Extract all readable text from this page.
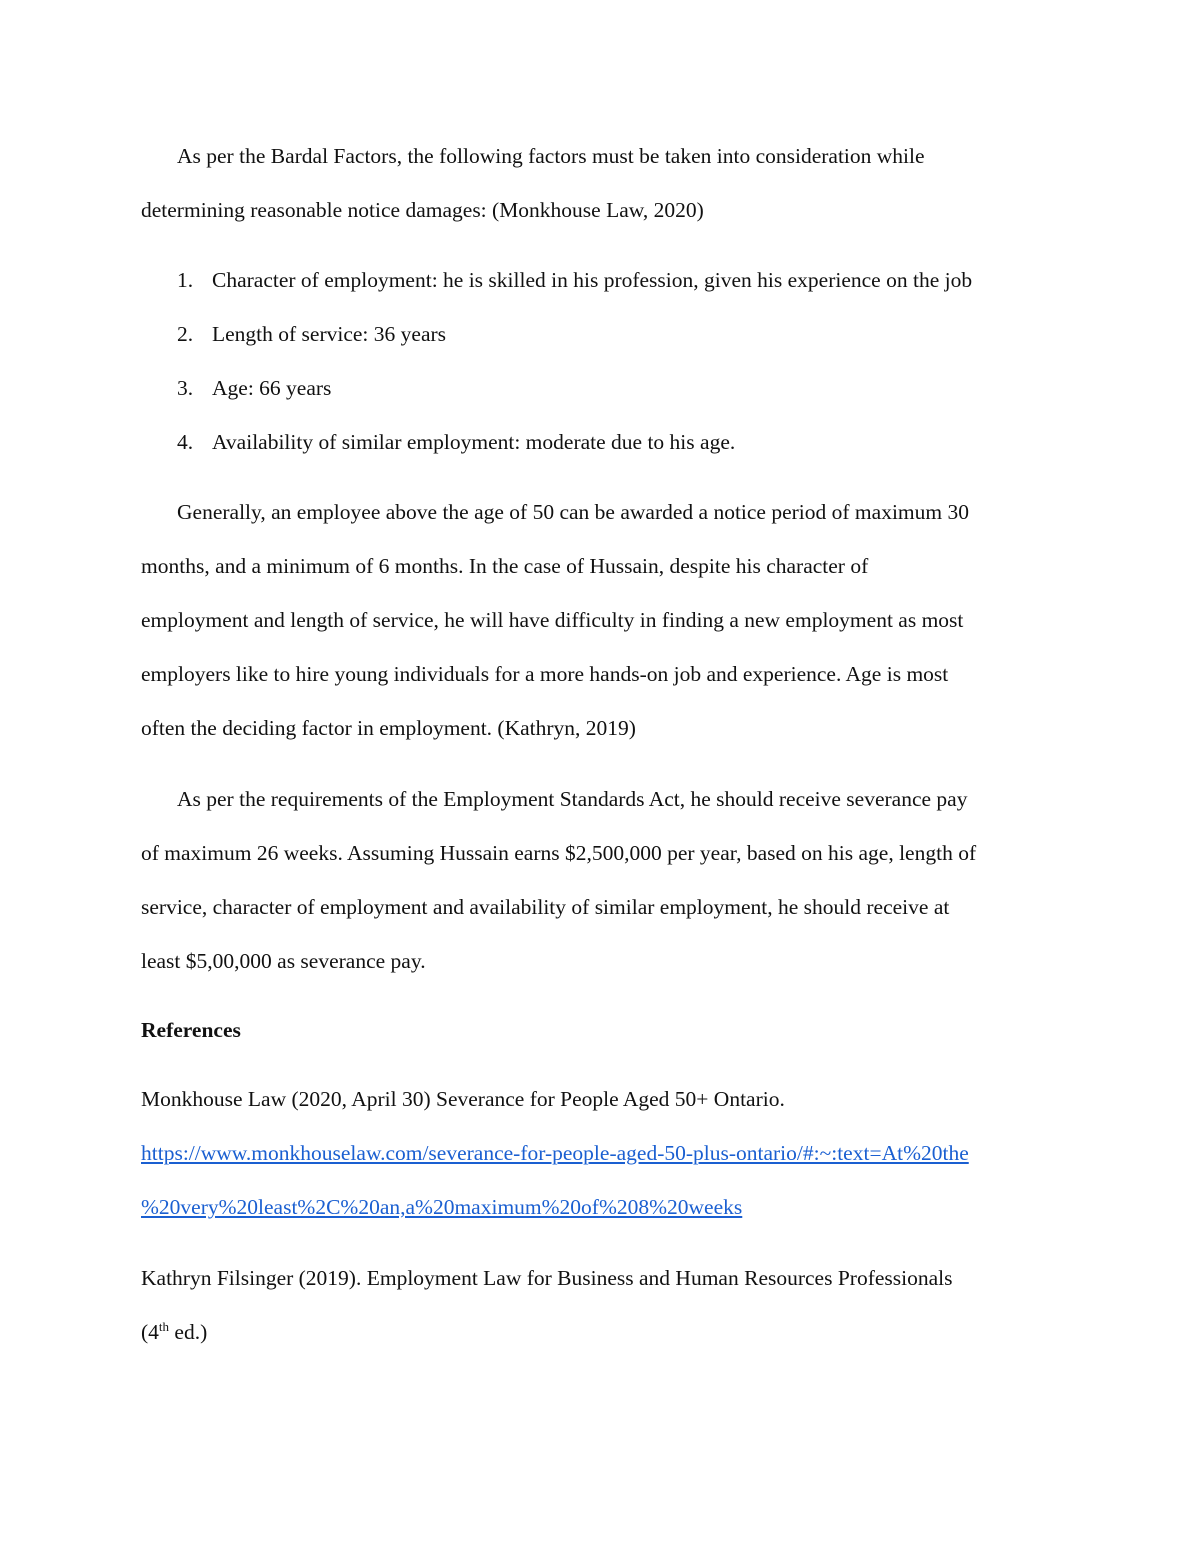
As per the Bardal Factors, the following factors must be taken into consideration while

determining reasonable notice damages: (Monkhouse Law, 2020)

1. Character of employment: he is skilled in his profession, given his experience on the job

2. Length of service: 36 years

3. Age: 66 years

4. Availability of similar employment: moderate due to his age.

Generally, an employee above the age of 50 can be awarded a notice period of maximum 30

months, and a minimum of 6 months. In the case of Hussain, despite his character of

employment and length of service, he will have difficulty in finding a new employment as most

employers like to hire young individuals for a more hands-on job and experience. Age is most

often the deciding factor in employment. (Kathryn, 2019)

As per the requirements of the Employment Standards Act, he should receive severance pay

of maximum 26 weeks. Assuming Hussain earns $2,500,000 per year, based on his age, length of

service, character of employment and availability of similar employment, he should receive at

least $5,00,000 as severance pay.

References

Monkhouse Law (2020, April 30) Severance for People Aged 50+ Ontario.

https://www.monkhouselaw.com/severance-for-people-aged-50-plus-ontario/#:~:text=At%20the
%20very%20least%2C%20an,a%20maximum%20of%208%20weeks

Kathryn Filsinger (2019). Employment Law for Business and Human Resources Professionals

(4th ed.)
